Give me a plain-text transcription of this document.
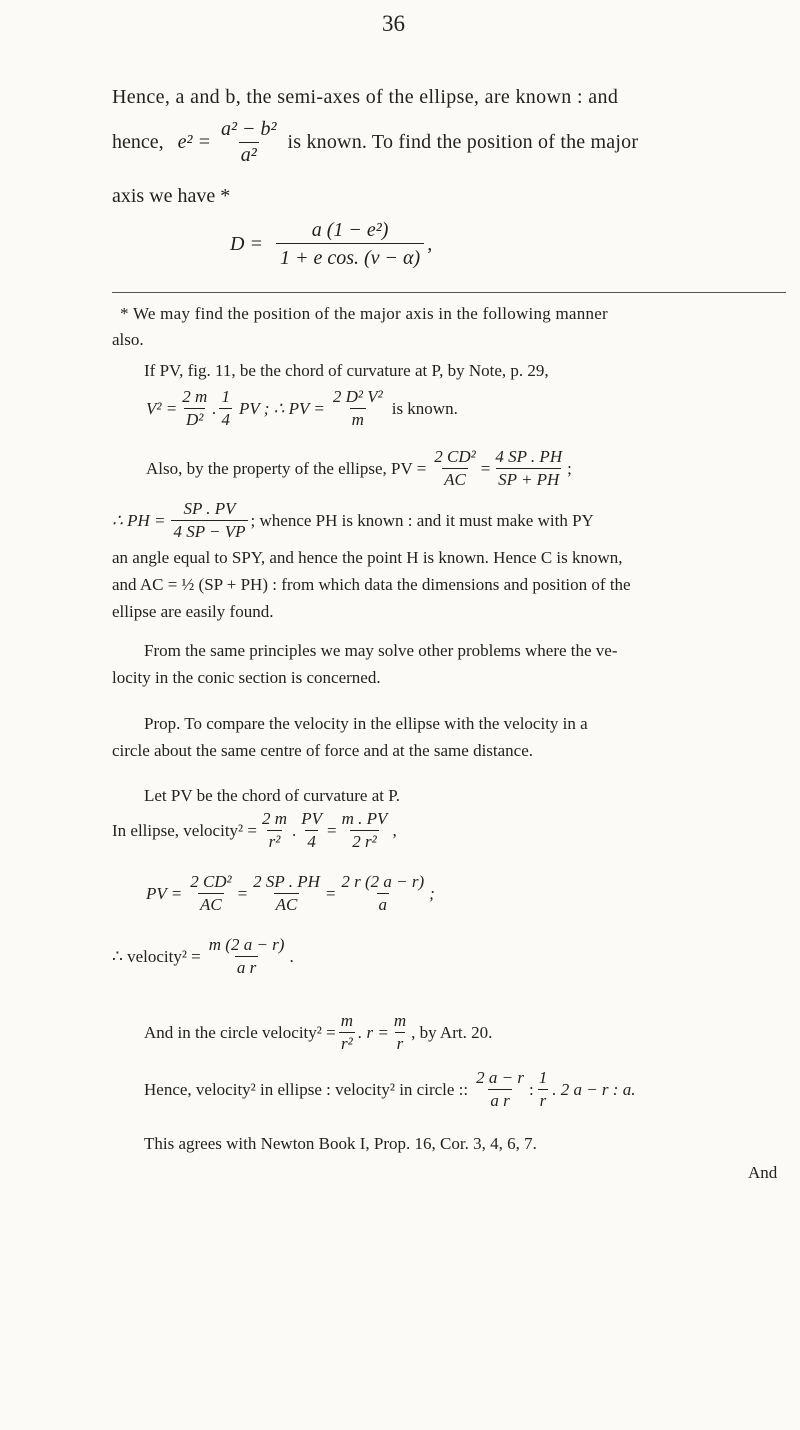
36
Hence, a and b, the semi-axes of the ellipse, are known : and
hence, $e^2 = \frac{\text{a² − b²}}{\text{a²}}$ is known. To find the position of the major
axis we have *
$D = \frac{\text{a (1 − e²)}}{\text{1 + e cos. (v − α)}}$ ,
* We may find the position of the major axis in the following manner
also.
If PV, fig. 11, be the chord of curvature at P, by Note, p. 29,
$V^2 = \frac{2 m}{\text{D²}}$ . $\frac{1}{4}$ PV ; ∴ PV = $\frac{\text{2 D² V²}}{m}$ is known.
Also, by the property of the ellipse, PV = $\frac{\text{2 CD²}}{AC} = \frac{4 SP . PH}{SP + PH}$ ;
∴ PH = $\frac{SP . PV}{4 SP - VP}$ ; whence PH is known : and it must make with PY
an angle equal to SPY, and hence the point H is known. Hence C is known,
and AC = ½ (SP + PH) : from which data the dimensions and position of the
ellipse are easily found.
From the same principles we may solve other problems where the ve-
locity in the conic section is concerned.
Prop. To compare the velocity in the ellipse with the velocity in a
circle about the same centre of force and at the same distance.
Let PV be the chord of curvature at P.
In ellipse, velocity² = $\frac{2 m}{\text{r²}}$ . $\frac{PV}{4} = \frac{m . PV}{\text{2 r²}}$ ,
PV = $\frac{\text{2 CD²}}{AC} = \frac{2 SP . PH}{AC} = \frac{2 r (2 a - r)}{a}$ ;
∴ velocity² = $\frac{m (2 a - r)}{\text{a r}}$ .
And in the circle velocity² = $\frac{m}{\text{r²}}$ . $r = \frac{m}{r}$ , by Art. 20.
Hence, velocity² in ellipse : velocity² in circle :: $\frac{2 a - r}{\text{a r}}$ : $\frac{1}{r}$ . 2 a − r : a.
This agrees with Newton Book I, Prop. 16, Cor. 3, 4, 6, 7.
And
